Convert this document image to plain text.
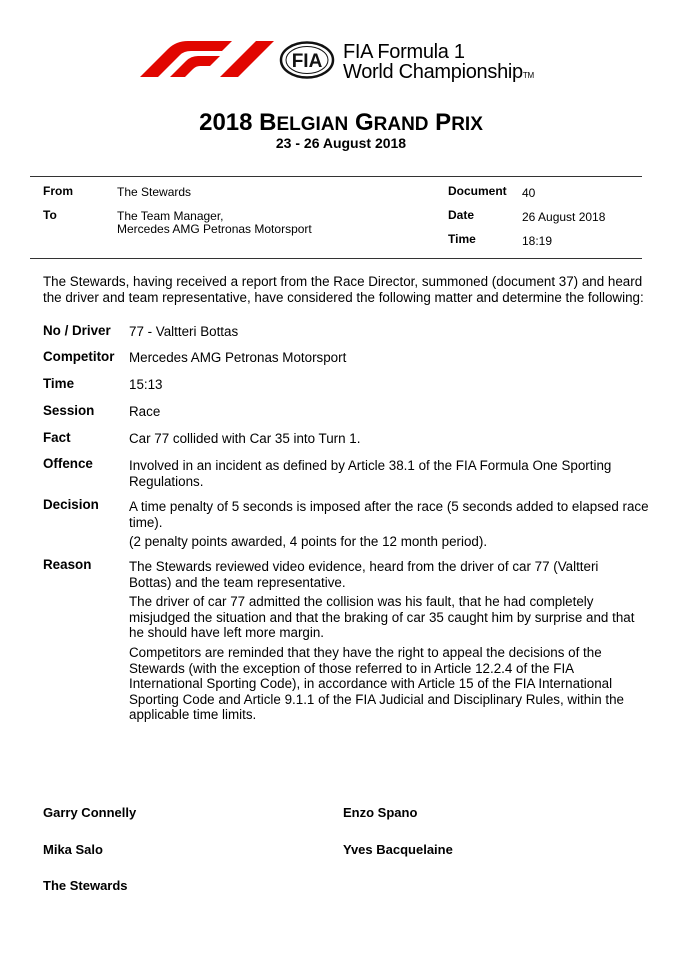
FIA FIA Formula 1
World ChampionshipTM
2018 BELGIAN GRAND PRIX
23 - 26 August 2018
From	The Stewards
To	The Team Manager,
Mercedes AMG Petronas Motorsport
Document 40
Date	26 August 2018
Time	18:19
The Stewards, having received a report from the Race Director, summoned (document 37) and heard
the driver and team representative, have considered the following matter and determine the following:
No / Driver 77 - Valtteri Bottas
Competitor Mercedes AMG Petronas Motorsport
Time	15:13
Session	Race
Fact	Car 77 collided with Car 35 into Turn 1.
Offence	Involved in an incident as defined by Article 38.1 of the FIA Formula One Sporting Regulations.
Decision A time penalty of 5 seconds is imposed after the race (5 seconds added to elapsed race time).

(2 penalty points awarded, 4 points for the 12 month period).

Reason	The Stewards reviewed video evidence, heard from the driver of car 77 (Valtteri Bottas) and the team representative.

The driver of car 77 admitted the collision was his fault, that he had completely misjudged the situation and that the braking of car 35 caught him by surprise and that he should have left more margin.

Competitors are reminded that they have the right to appeal the decisions of the Stewards (with the exception of those referred to in Article 12.2.4 of the FIA International Sporting Code), in accordance with Article 15 of the FIA International Sporting Code and Article 9.1.1 of the FIA Judicial and Disciplinary Rules, within the applicable time limits.

Garry Connelly	Enzo Spano
Mika Salo	Yves Bacquelaine
The Stewards
